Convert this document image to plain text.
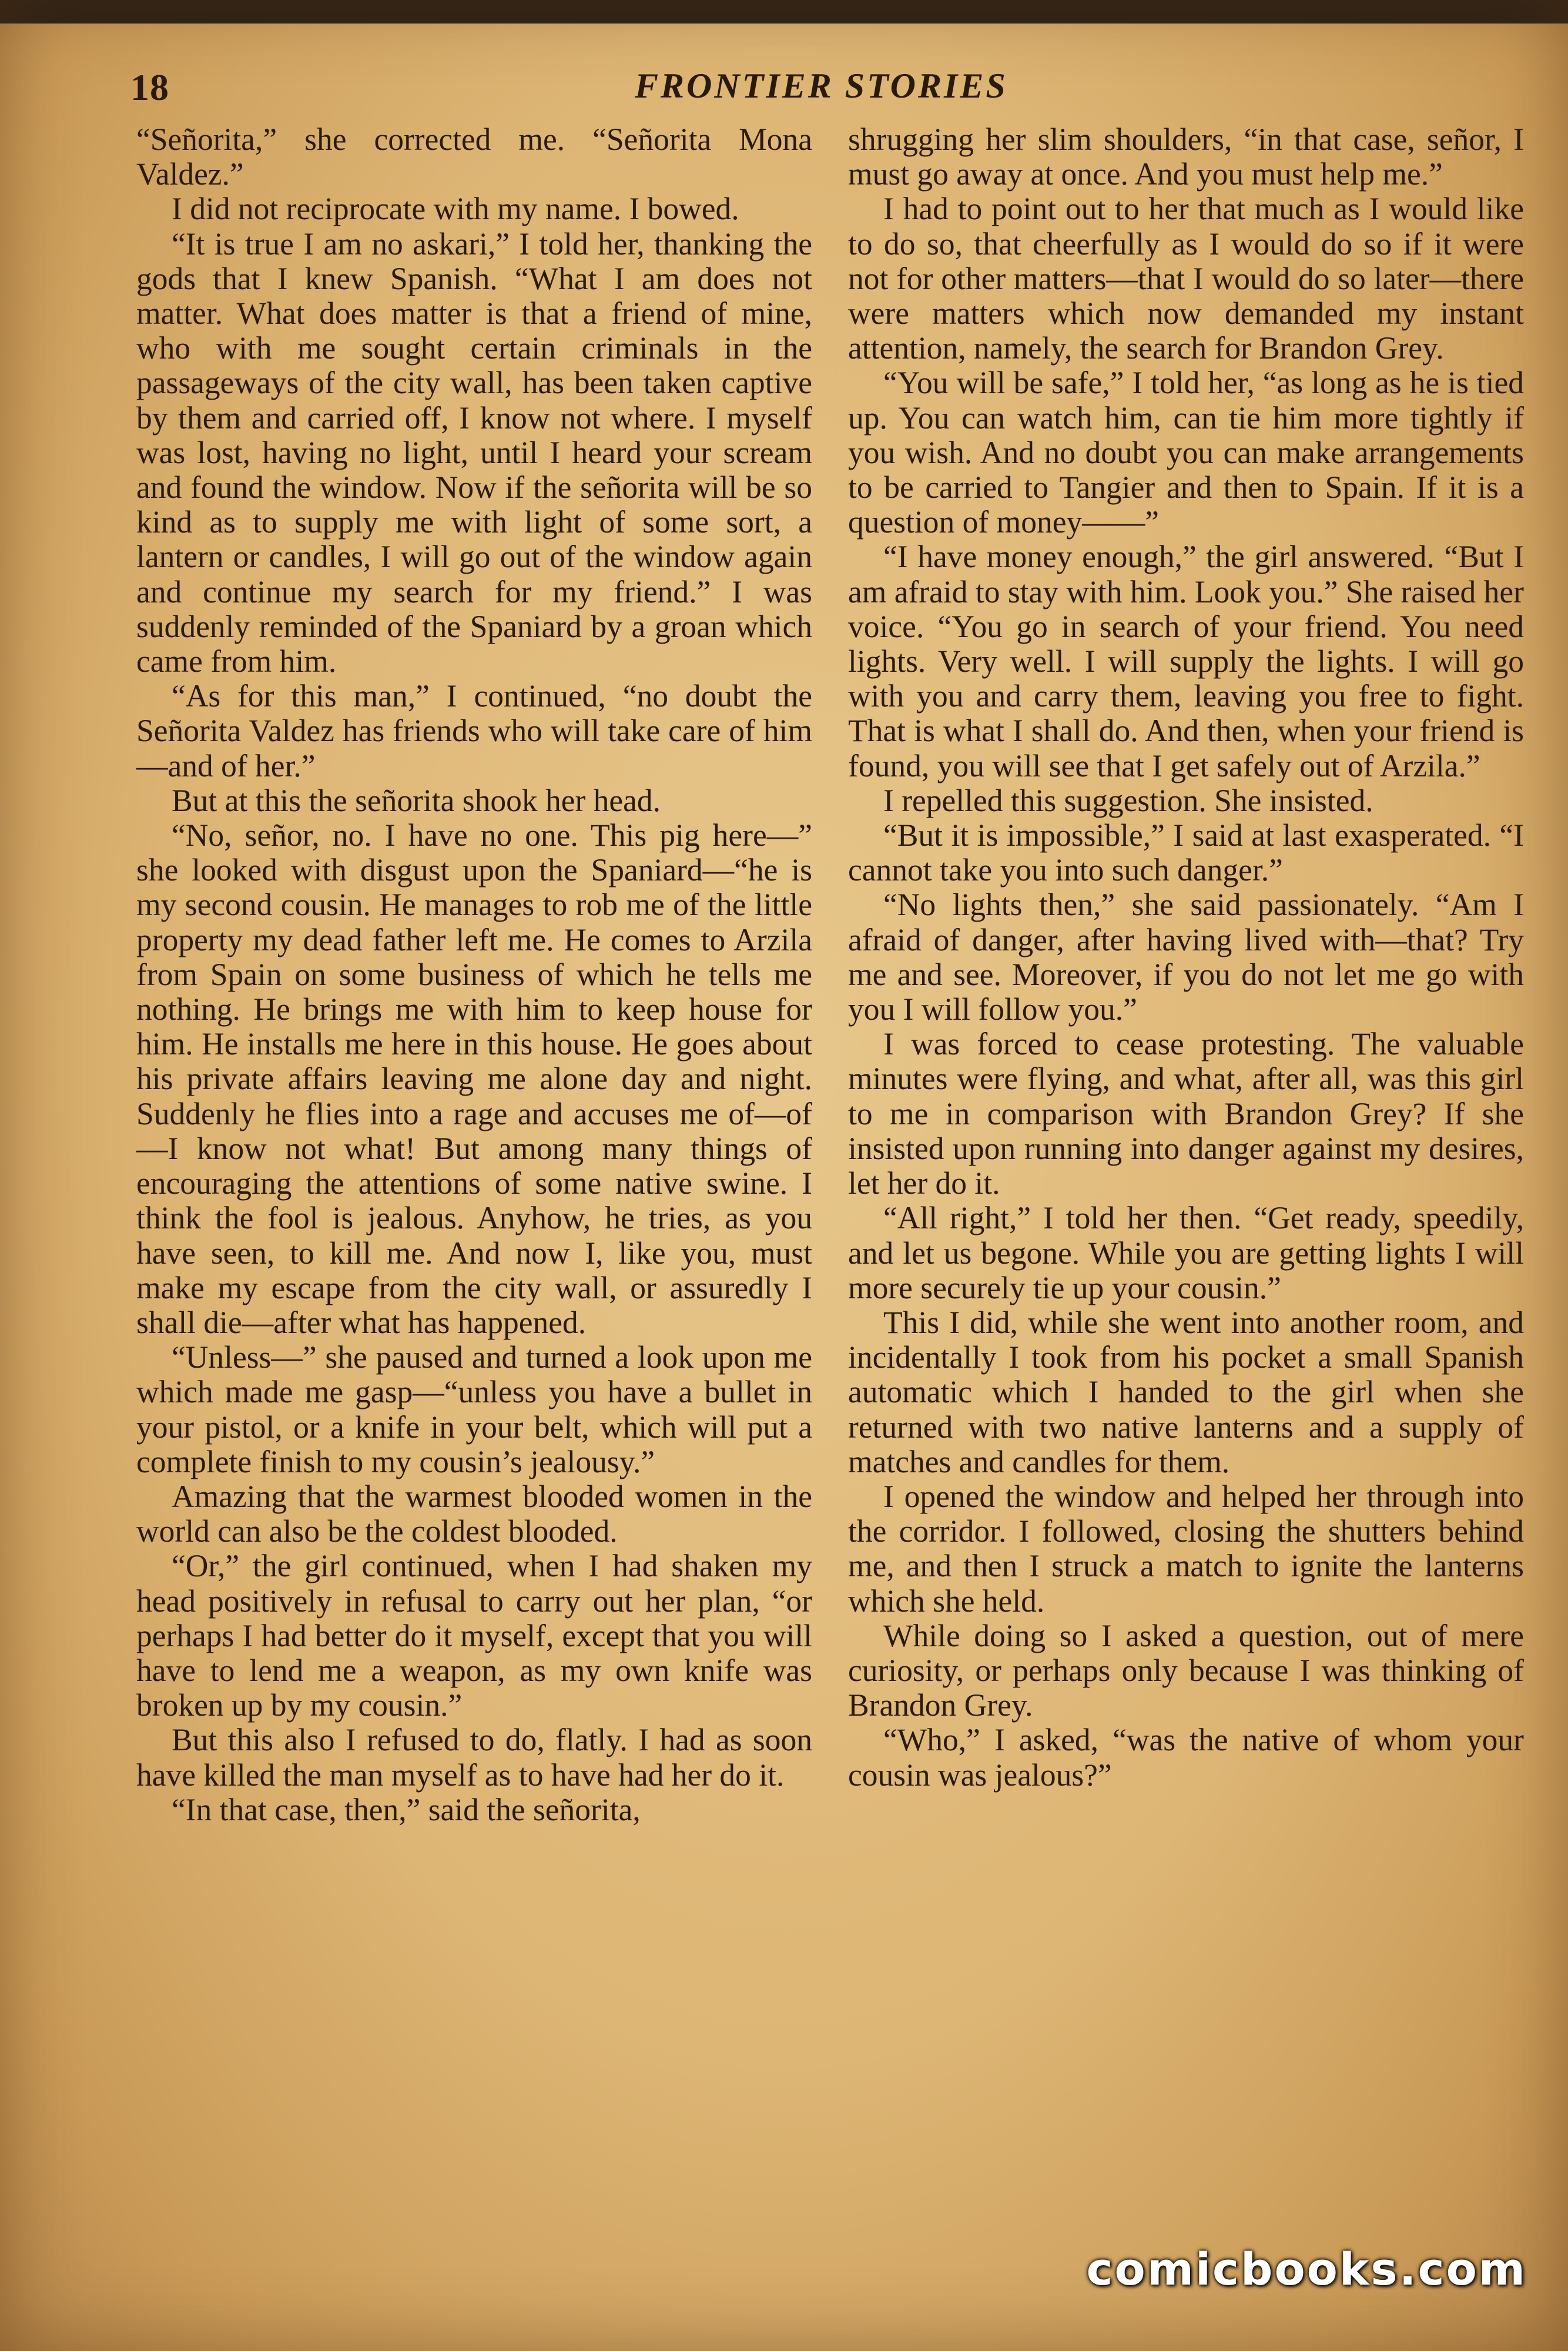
18	FRONTIER STORIES

“Señorita,” she corrected me. “Señorita Mona Valdez.”

I did not reciprocate with my name. I bowed.

“It is true I am no askari,” I told her, thanking the gods that I knew Spanish. “What I am does not matter. What does matter is that a friend of mine, who with me sought certain criminals in the passageways of the city wall, has been taken captive by them and carried off, I know not where. I myself was lost, having no light, until I heard your scream and found the window. Now if the señorita will be so kind as to supply me with light of some sort, a lantern or candles, I will go out of the window again and continue my search for my friend.” I was suddenly reminded of the Spaniard by a groan which came from him.

“As for this man,” I continued, “no doubt the Señorita Valdez has friends who will take care of him—and of her.”

But at this the señorita shook her head.

“No, señor, no. I have no one. This pig here—” she looked with disgust upon the Spaniard—“he is my second cousin. He manages to rob me of the little property my dead father left me. He comes to Arzila from Spain on some business of which he tells me nothing. He brings me with him to keep house for him. He installs me here in this house. He goes about his private affairs leaving me alone day and night. Suddenly he flies into a rage and accuses me of—of—I know not what! But among many things of encouraging the attentions of some native swine. I think the fool is jealous. Anyhow, he tries, as you have seen, to kill me. And now I, like you, must make my escape from the city wall, or assuredly I shall die—after what has happened.

“Unless—” she paused and turned a look upon me which made me gasp—“unless you have a bullet in your pistol, or a knife in your belt, which will put a complete finish to my cousin’s jealousy.”

Amazing that the warmest blooded women in the world can also be the coldest blooded.

“Or,” the girl continued, when I had shaken my head positively in refusal to carry out her plan, “or perhaps I had better do it myself, except that you will have to lend me a weapon, as my own knife was broken up by my cousin.”

But this also I refused to do, flatly. I had as soon have killed the man myself as to have had her do it.

“In that case, then,” said the señorita,

shrugging her slim shoulders, “in that case, señor, I must go away at once. And you must help me.”

I had to point out to her that much as I would like to do so, that cheerfully as I would do so if it were not for other matters—that I would do so later—there were matters which now demanded my instant attention, namely, the search for Brandon Grey.

“You will be safe,” I told her, “as long as he is tied up. You can watch him, can tie him more tightly if you wish. And no doubt you can make arrangements to be carried to Tangier and then to Spain. If it is a question of money——”

“I have money enough,” the girl answered. “But I am afraid to stay with him. Look you.” She raised her voice. “You go in search of your friend. You need lights. Very well. I will supply the lights. I will go with you and carry them, leaving you free to fight. That is what I shall do. And then, when your friend is found, you will see that I get safely out of Arzila.”

I repelled this suggestion. She insisted.

“But it is impossible,” I said at last exasperated. “I cannot take you into such danger.”

“No lights then,” she said passionately. “Am I afraid of danger, after having lived with—that? Try me and see. Moreover, if you do not let me go with you I will follow you.”

I was forced to cease protesting. The valuable minutes were flying, and what, after all, was this girl to me in comparison with Brandon Grey? If she insisted upon running into danger against my desires, let her do it.

“All right,” I told her then. “Get ready, speedily, and let us begone. While you are getting lights I will more securely tie up your cousin.”

This I did, while she went into another room, and incidentally I took from his pocket a small Spanish automatic which I handed to the girl when she returned with two native lanterns and a supply of matches and candles for them.

I opened the window and helped her through into the corridor. I followed, closing the shutters behind me, and then I struck a match to ignite the lanterns which she held.

While doing so I asked a question, out of mere curiosity, or perhaps only because I was thinking of Brandon Grey.

“Who,” I asked, “was the native of whom your cousin was jealous?”

comicbooks.com
